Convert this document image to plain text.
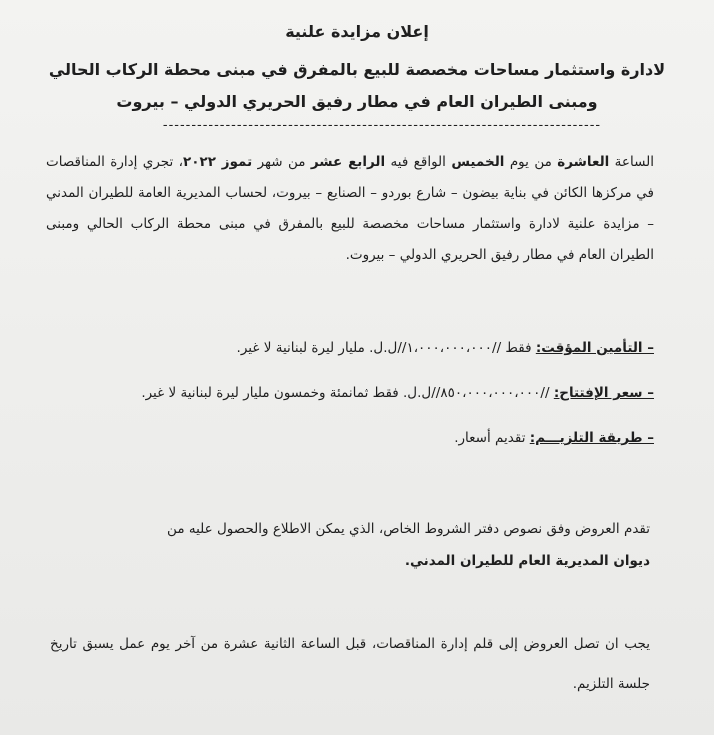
إعلان مزايدة علنية
لادارة واستثمار مساحات مخصصة للبيع بالمفرق في مبنى محطة الركاب الحالي
ومبنى الطيران العام في مطار رفيق الحريري الدولي – بيروت
-----------------------------------------------------------------------------
الساعة العاشرة من يوم الخميس الواقع فيه الرابع عشر من شهر تموز ٢٠٢٢، تجري إدارة المناقصات في مركزها الكائن في بناية بيضون – شارع بوردو – الصنايع – بيروت، لحساب المديرية العامة للطيران المدني – مزايدة علنية لادارة واستثمار مساحات مخصصة للبيع بالمفرق في مبنى محطة الركاب الحالي ومبنى الطيران العام في مطار رفيق الحريري الدولي – بيروت.
– التأمين المؤقت: فقط //١،٠٠٠،٠٠٠،٠٠٠//ل.ل. مليار ليرة لبنانية لا غير.
– سعر الإفتتاح: //٨٥٠،٠٠٠،٠٠٠،٠٠٠//ل.ل. فقط ثمانمئة وخمسون مليار ليرة لبنانية لا غير.
– طريقة التلزيـــم: تقديم أسعار.
تقدم العروض وفق نصوص دفتر الشروط الخاص، الذي يمكن الاطلاع والحصول عليه من
ديوان المديرية العام للطيران المدني.
يجب ان تصل العروض إلى قلم إدارة المناقصات، قبل الساعة الثانية عشرة من آخر يوم عمل يسبق تاريخ جلسة التلزيم.
